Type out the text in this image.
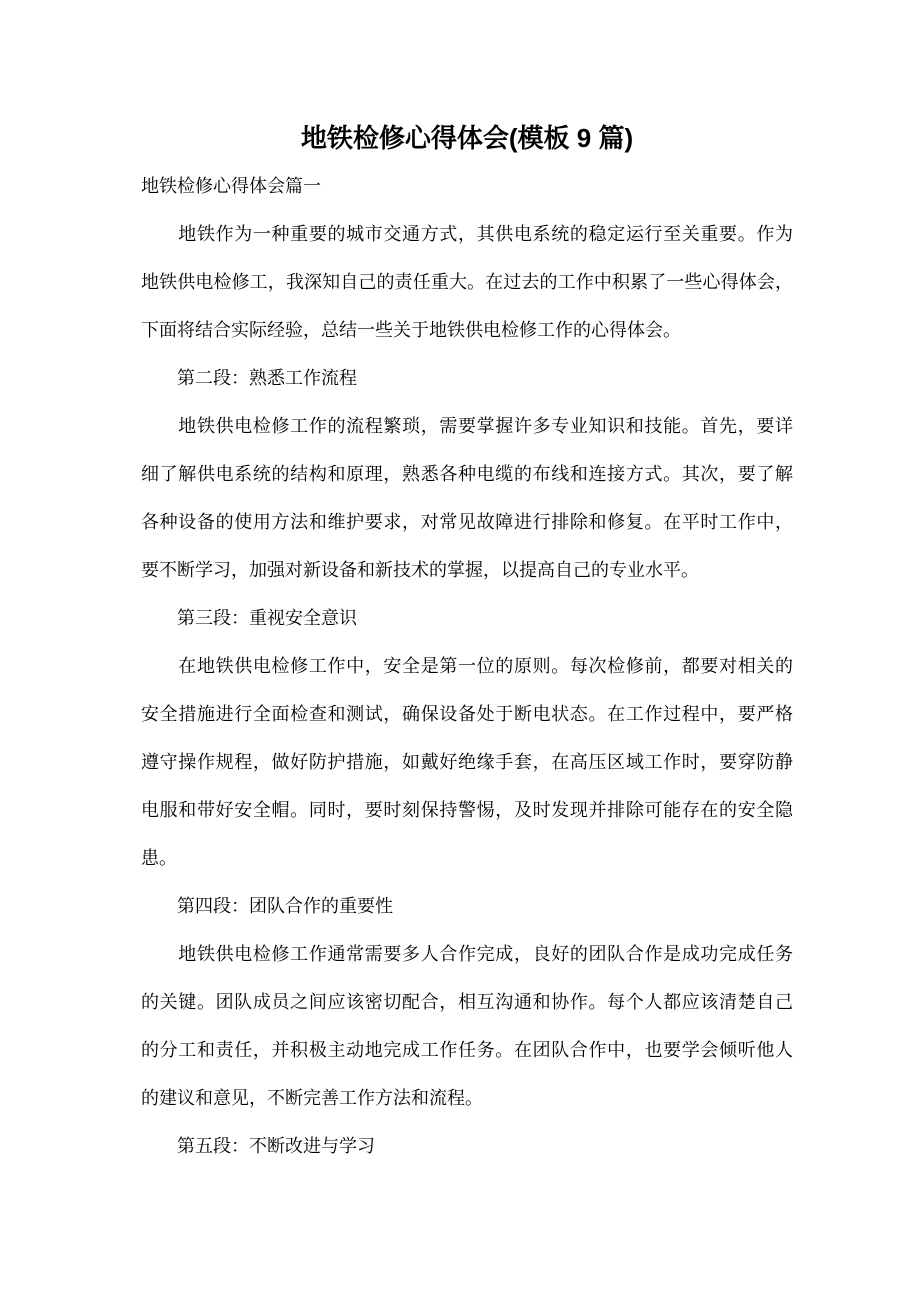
地铁检修心得体会(模板 9 篇)
地铁检修心得体会篇一
　　地铁作为一种重要的城市交通方式，其供电系统的稳定运行至关重要。作为
地铁供电检修工，我深知自己的责任重大。在过去的工作中积累了一些心得体会，
下面将结合实际经验，总结一些关于地铁供电检修工作的心得体会。
　　第二段：熟悉工作流程
　　地铁供电检修工作的流程繁琐，需要掌握许多专业知识和技能。首先，要详
细了解供电系统的结构和原理，熟悉各种电缆的布线和连接方式。其次，要了解
各种设备的使用方法和维护要求，对常见故障进行排除和修复。在平时工作中，
要不断学习，加强对新设备和新技术的掌握，以提高自己的专业水平。
　　第三段：重视安全意识
　　在地铁供电检修工作中，安全是第一位的原则。每次检修前，都要对相关的
安全措施进行全面检查和测试，确保设备处于断电状态。在工作过程中，要严格
遵守操作规程，做好防护措施，如戴好绝缘手套，在高压区域工作时，要穿防静
电服和带好安全帽。同时，要时刻保持警惕，及时发现并排除可能存在的安全隐
患。
　　第四段：团队合作的重要性
　　地铁供电检修工作通常需要多人合作完成，良好的团队合作是成功完成任务
的关键。团队成员之间应该密切配合，相互沟通和协作。每个人都应该清楚自己
的分工和责任，并积极主动地完成工作任务。在团队合作中，也要学会倾听他人
的建议和意见，不断完善工作方法和流程。
　　第五段：不断改进与学习
